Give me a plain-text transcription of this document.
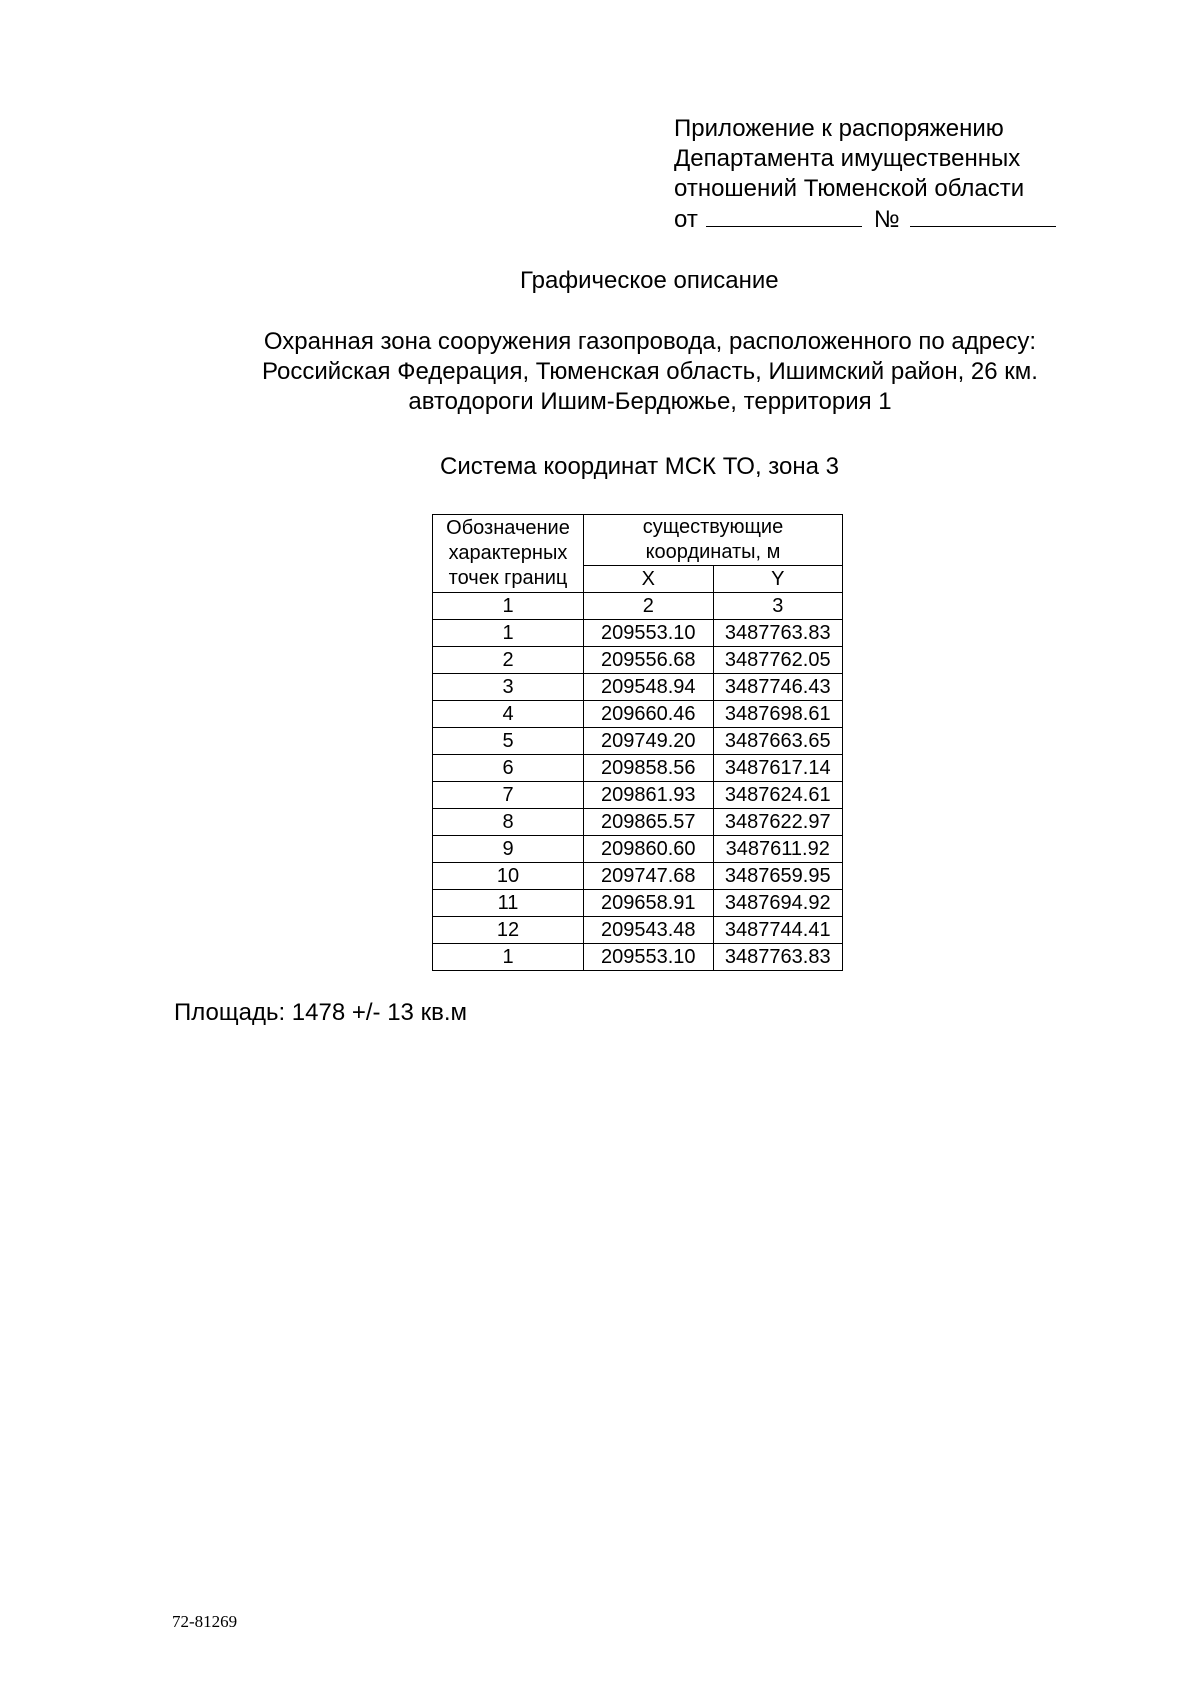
Приложение к распоряжению
Департамента имущественных
отношений Тюменской области
от	№
Графическое описание
Охранная зона сооружения газопровода, расположенного по адресу:
Российская Федерация, Тюменская область, Ишимский район, 26 км.
автодороги Ишим-Бердюжье, территория 1
Система координат МСК ТО, зона 3
Обозначение характерных точек границ	существующие координаты, м	
	X	Y
1	2	3
1	209553.10	3487763.83
2	209556.68	3487762.05
3	209548.94	3487746.43
4	209660.46	3487698.61
5	209749.20	3487663.65
6	209858.56	3487617.14
7	209861.93	3487624.61
8	209865.57	3487622.97
9	209860.60	3487611.92
10	209747.68	3487659.95
11	209658.91	3487694.92
12	209543.48	3487744.41
1	209553.10	3487763.83
Площадь: 1478 +/- 13 кв.м
72-81269
